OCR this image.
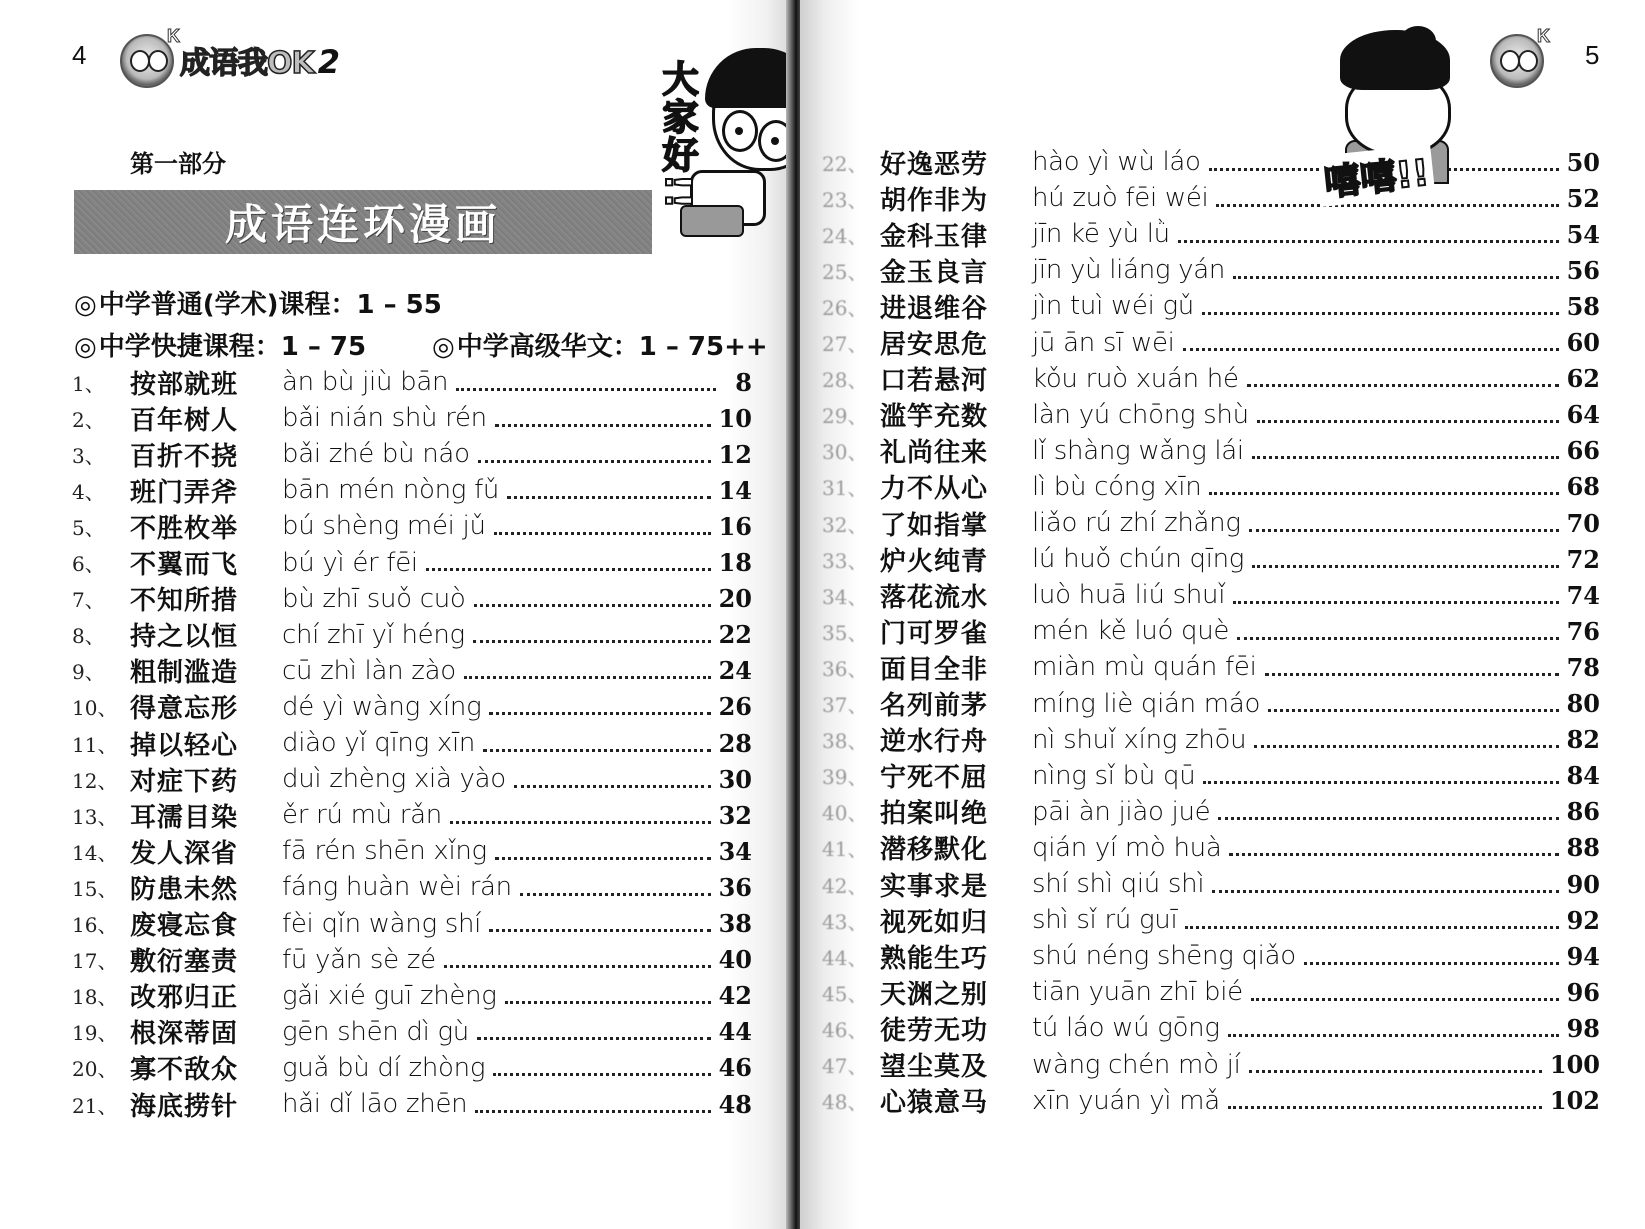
4
K
成语我OK 2	大家好!!
第一部分
成语连环漫画
◎中学普通(学术)课程：1 – 55
◎中学快捷课程：1 – 75	◎中学高级华文：1 – 75++
1、 按部就班	àn bù jiù bān	8
2、 百年树人	bǎi nián shù rén	10
3、 百折不挠	bǎi zhé bù náo	12
4、 班门弄斧	bān mén nòng fǔ	14
5、 不胜枚举	bú shèng méi jǔ	16
6、 不翼而飞	bú yì ér fēi	18
7、 不知所措	bù zhī suǒ cuò	20
8、 持之以恒	chí zhī yǐ héng	22
9、 粗制滥造	cū zhì làn zào	24
10、 得意忘形	dé yì wàng xíng	26
11、 掉以轻心	diào yǐ qīng xīn	28
12、 对症下药	duì zhèng xià yào	30
13、 耳濡目染	ěr rú mù rǎn	32
14、 发人深省	fā rén shēn xǐng	34
15、 防患未然	fáng huàn wèi rán	36
16、 废寝忘食	fèi qǐn wàng shí	38
17、 敷衍塞责	fū yǎn sè zé	40
18、 改邪归正	gǎi xié guī zhèng	42
19、 根深蒂固	gēn shēn dì gù	44
20、 寡不敌众	guǎ bù dí zhòng	46
21、 海底捞针	hǎi dǐ lāo zhēn	48
K
5
22、 好逸恶劳	hào yì wù láo	50
23、 胡作非为	hú zuò fēi wéi	52
24、 金科玉律	jīn kē yù lǜ	54
25、 金玉良言	jīn yù liáng yán	56
26、 进退维谷	jìn tuì wéi gǔ	58
27、 居安思危	jū ān sī wēi	60
28、 口若悬河	kǒu ruò xuán hé	62
29、 滥竽充数	làn yú chōng shù	64
30、 礼尚往来	lǐ shàng wǎng lái	66
31、 力不从心	lì bù cóng xīn	68
32、 了如指掌	liǎo rú zhí zhǎng	70
33、 炉火纯青	lú huǒ chún qīng	72
34、 落花流水	luò huā liú shuǐ	74
35、 门可罗雀	mén kě luó què	76
36、 面目全非	miàn mù quán fēi	78
37、 名列前茅	míng liè qián máo	80
38、 逆水行舟	nì shuǐ xíng zhōu	82
39、 宁死不屈	nìng sǐ bù qū	84
40、 拍案叫绝	pāi àn jiào jué	86
41、 潜移默化	qián yí mò huà	88
42、 实事求是	shí shì qiú shì	90
43、 视死如归	shì sǐ rú guī	92
44、 熟能生巧	shú néng shēng qiǎo	94
45、 天渊之别	tiān yuān zhī bié	96
46、 徒劳无功	tú láo wú gōng	98
47、 望尘莫及	wàng chén mò jí	100
48、 心猿意马	xīn yuán yì mǎ	102
嘻嘻!!
